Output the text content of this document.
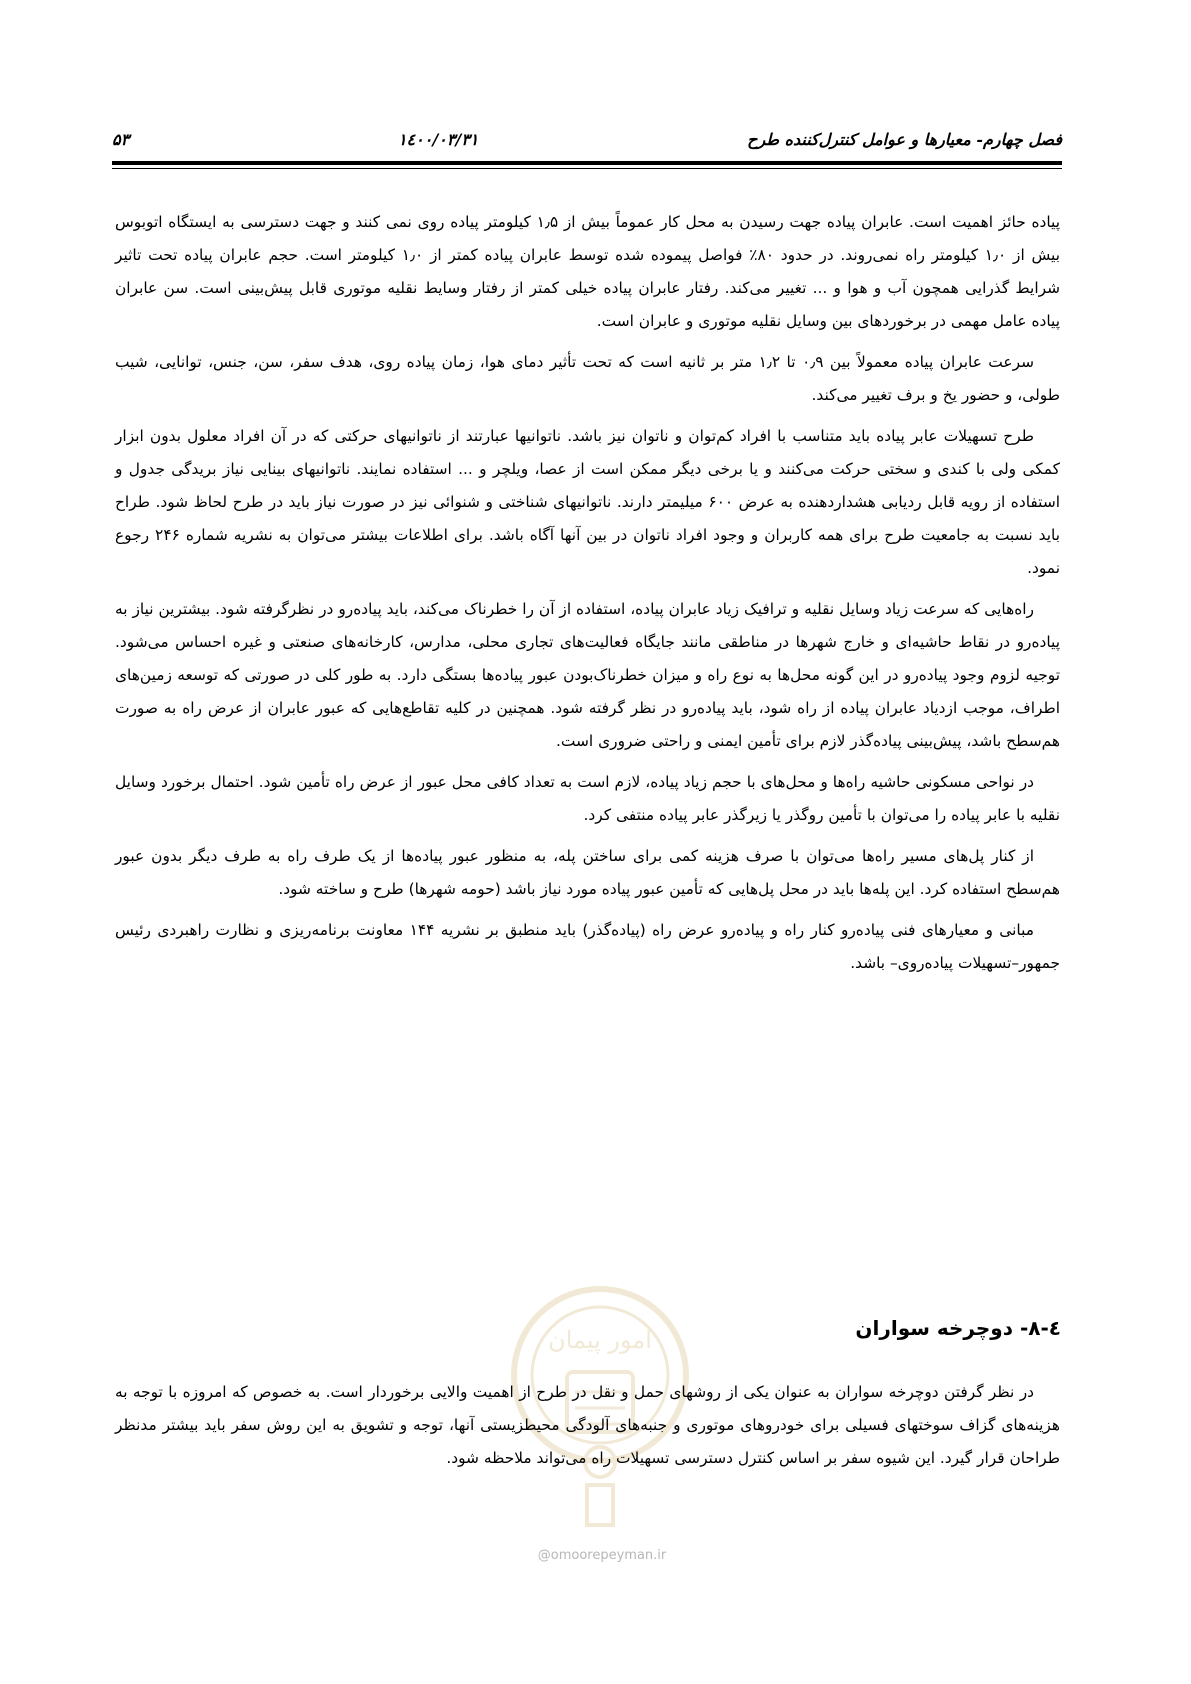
فصل چهارم- معیارها و عوامل کنترل‌کننده طرح
۱٤۰۰/۰۳/۳۱
۵۳

پیاده حائز اهمیت است. عابران پیاده جهت رسیدن به محل کار عموماً بیش از ۱٫۵ کیلومتر پیاده روی نمی کنند و جهت دسترسی به ایستگاه اتوبوس بیش از ۱٫۰ کیلومتر راه نمی‌روند. در حدود ۸۰٪ فواصل پیموده شده توسط عابران پیاده کمتر از ۱٫۰ کیلومتر است. حجم عابران پیاده تحت تاثیر شرایط گذرایی همچون آب و هوا و ... تغییر می‌کند. رفتار عابران پیاده خیلی کمتر از رفتار وسایط نقلیه موتوری قابل پیش‌بینی است. سن عابران پیاده عامل مهمی در برخوردهای بین وسایل نقلیه موتوری و عابران است.

سرعت عابران پیاده معمولاً بین ۰٫۹ تا ۱٫۲ متر بر ثانیه است که تحت تأثیر دمای هوا، زمان پیاده روی، هدف سفر، سن، جنس، توانایی، شیب طولی، و حضور یخ و برف تغییر می‌کند.

طرح تسهیلات عابر پیاده باید متناسب با افراد کم‌توان و ناتوان نیز باشد. ناتوانیها عبارتند از ناتوانیهای حرکتی که در آن افراد معلول بدون ابزار کمکی ولی با کندی و سختی حرکت می‌کنند و یا برخی دیگر ممکن است از عصا، ویلچر و ... استفاده نمایند. ناتوانیهای بینایی نیاز بریدگی جدول و استفاده از رویه قابل ردیابی هشداردهنده به عرض ۶۰۰ میلیمتر دارند. ناتوانیهای شناختی و شنوائی نیز در صورت نیاز باید در طرح لحاظ شود. طراح باید نسبت به جامعیت طرح برای همه کاربران و وجود افراد ناتوان در بین آنها آگاه باشد. برای اطلاعات بیشتر می‌توان به نشریه شماره ۲۴۶ رجوع نمود.

راه‌هایی که سرعت زیاد وسایل نقلیه و ترافیک زیاد عابران پیاده، استفاده از آن را خطرناک می‌کند، باید پیاده‌رو در نظرگرفته شود. بیشترین نیاز به پیاده‌رو در نقاط حاشیه‌ای و خارج شهرها در مناطقی مانند جایگاه فعالیت‌های تجاری محلی، مدارس، کارخانه‌های صنعتی و غیره احساس می‌شود. توجیه لزوم وجود پیاده‌رو در این گونه محل‌ها به نوع راه و میزان خطرناک‌بودن عبور پیاده‌ها بستگی دارد. به طور کلی در صورتی که توسعه زمین‌های اطراف، موجب ازدیاد عابران پیاده از راه شود، باید پیاده‌رو در نظر گرفته شود. همچنین در کلیه تقاطع‌هایی که عبور عابران از عرض راه به صورت هم‌سطح باشد، پیش‌بینی پیاده‌گذر لازم برای تأمین ایمنی و راحتی ضروری است.

در نواحی مسکونی حاشیه راه‌ها و محل‌های با حجم زیاد پیاده، لازم است به تعداد کافی محل عبور از عرض راه تأمین شود. احتمال برخورد وسایل نقلیه با عابر پیاده را می‌توان با تأمین روگذر یا زیرگذر عابر پیاده منتفی کرد.

از کنار پل‌های مسیر راه‌ها می‌توان با صرف هزینه کمی برای ساختن پله، به منظور عبور پیاده‌ها از یک طرف راه به طرف دیگر بدون عبور هم‌سطح استفاده کرد. این پله‌ها باید در محل پل‌هایی که تأمین عبور پیاده مورد نیاز باشد (حومه شهرها) طرح و ساخته شود.

مبانی و معیارهای فنی پیاده‌رو کنار راه و پیاده‌رو عرض راه (پیاده‌گذر) باید منطبق بر نشریه ۱۴۴ معاونت برنامه‌ریزی و نظارت راهبردی رئیس جمهور–تسهیلات پیاده‌روی– باشد.

امور پیمان	٤-۸- دوچرخه سواران

در نظر گرفتن دوچرخه سواران به عنوان یکی از روشهای حمل و نقل در طرح از اهمیت والایی برخوردار است. به خصوص که امروزه با توجه به هزینه‌های گزاف سوختهای فسیلی برای خودروهای موتوری و جنبه‌های آلودگی محیطزیستی آنها، توجه و تشویق به این روش سفر باید بیشتر مدنظر طراحان قرار گیرد. این شیوه سفر بر اساس کنترل دسترسی تسهیلات راه می‌تواند ملاحظه شود.

@omoorepeyman.ir
